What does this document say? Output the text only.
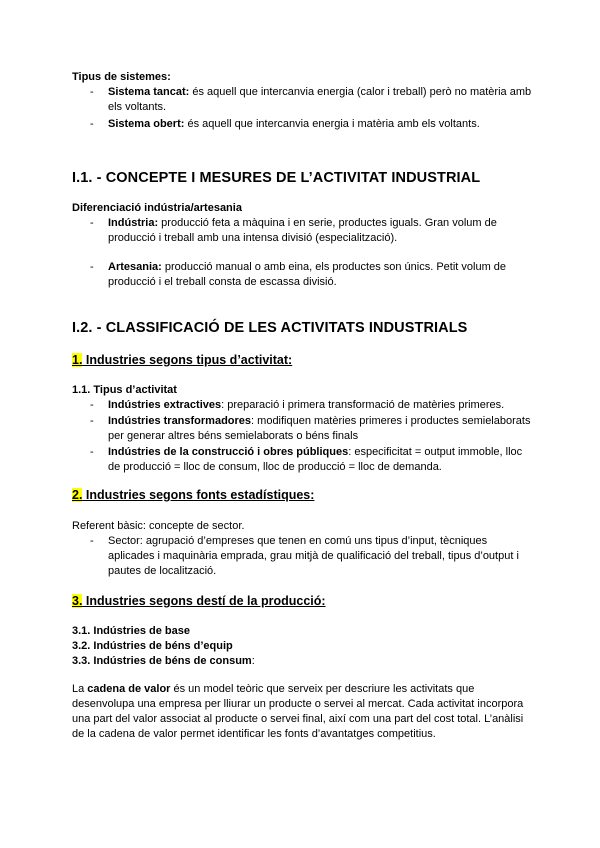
Tipus de sistemes:
- Sistema tancat: és aquell que intercanvia energia (calor i treball) però no matèria amb els voltants.
- Sistema obert: és aquell que intercanvia energia i matèria amb els voltants.
I.1. - CONCEPTE I MESURES DE L’ACTIVITAT INDUSTRIAL
Diferenciació indústria/artesania
- Indústria: producció feta a màquina i en serie, productes iguals. Gran volum de producció i treball amb una intensa divisió (especialització).
- Artesania: producció manual o amb eina, els productes son únics. Petit volum de producció i el treball consta de escassa divisió.
I.2. - CLASSIFICACIÓ DE LES ACTIVITATS INDUSTRIALS
1. Industries segons tipus d’activitat:
1.1. Tipus d’activitat
- Indústries extractives: preparació i primera transformació de matèries primeres.
- Indústries transformadores: modifiquen matèries primeres i productes semielaborats per generar altres béns semielaborats o béns finals
- Indústries de la construcció i obres públiques: especificitat = output immoble, lloc de producció = lloc de consum, lloc de producció = lloc de demanda.
2. Industries segons fonts estadístiques:
Referent bàsic: concepte de sector.
- Sector: agrupació d’empreses que tenen en comú uns tipus d’input, tècniques aplicades i maquinària emprada, grau mitjà de qualificació del treball, tipus d’output i pautes de localització.
3. Industries segons destí de la producció:
3.1. Indústries de base
3.2. Indústries de béns d’equip
3.3. Indústries de béns de consum:
La cadena de valor és un model teòric que serveix per descriure les activitats que desenvolupa una empresa per lliurar un producte o servei al mercat. Cada activitat incorpora una part del valor associat al producte o servei final, així com una part del cost total. L’anàlisi de la cadena de valor permet identificar les fonts d’avantatges competitius.
